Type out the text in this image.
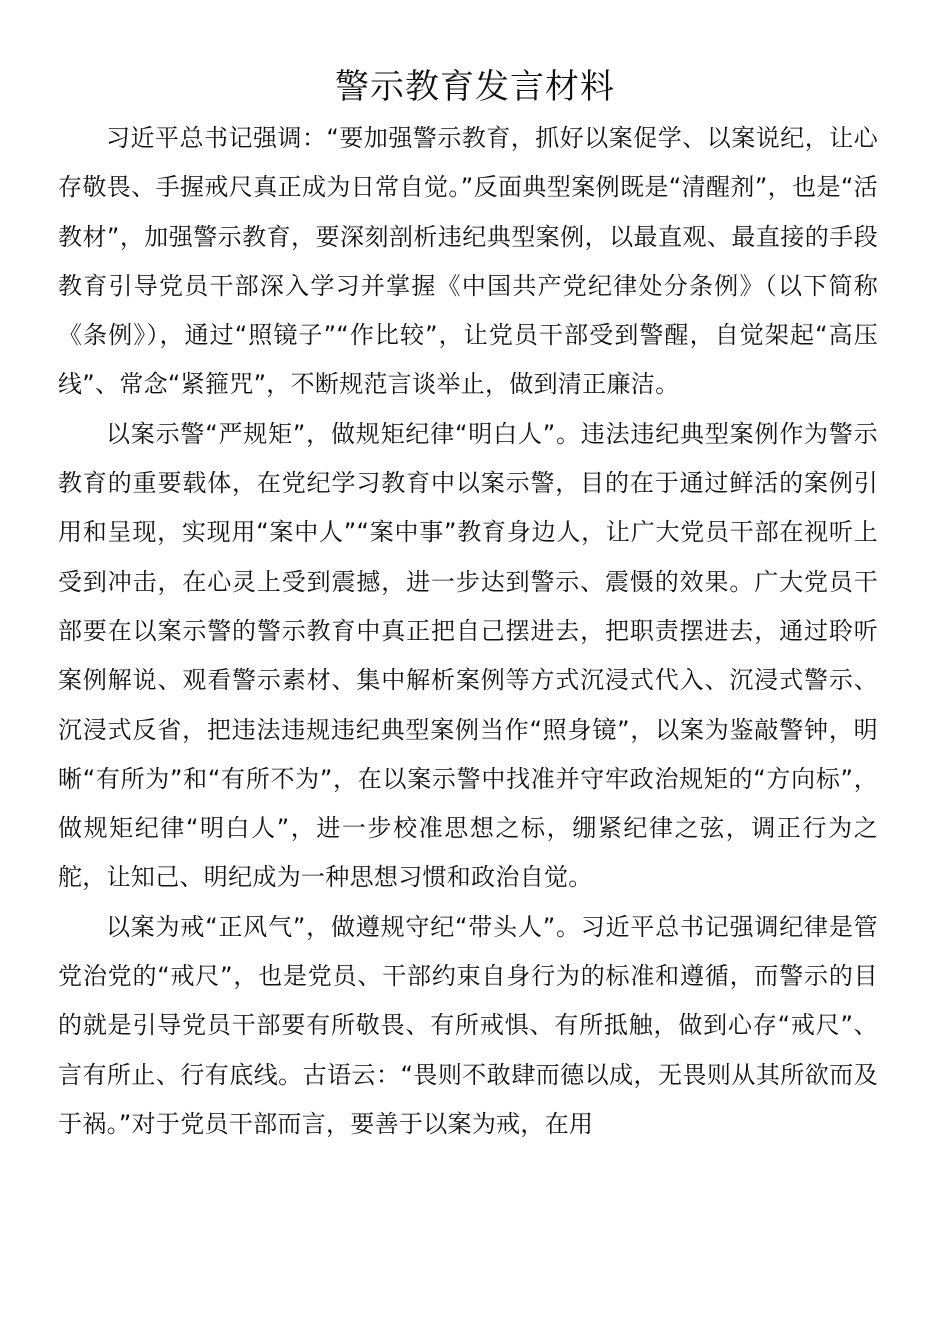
警示教育发言材料

习近平总书记强调：“要加强警示教育，抓好以案促学、以案说纪，让心存敬畏、手握戒尺真正成为日常自觉。”反面典型案例既是“清醒剂”，也是“活教材”，加强警示教育，要深刻剖析违纪典型案例，以最直观、最直接的手段教育引导党员干部深入学习并掌握《中国共产党纪律处分条例》（以下简称《条例》），通过“照镜子”“作比较”，让党员干部受到警醒，自觉架起“高压线”、常念“紧箍咒”，不断规范言谈举止，做到清正廉洁。

以案示警“严规矩”，做规矩纪律“明白人”。违法违纪典型案例作为警示教育的重要载体，在党纪学习教育中以案示警，目的在于通过鲜活的案例引用和呈现，实现用“案中人”“案中事”教育身边人，让广大党员干部在视听上受到冲击，在心灵上受到震撼，进一步达到警示、震慑的效果。广大党员干部要在以案示警的警示教育中真正把自己摆进去，把职责摆进去，通过聆听案例解说、观看警示素材、集中解析案例等方式沉浸式代入、沉浸式警示、沉浸式反省，把违法违规违纪典型案例当作“照身镜”，以案为鉴敲警钟，明晰“有所为”和“有所不为”，在以案示警中找准并守牢政治规矩的“方向标”，做规矩纪律“明白人”，进一步校准思想之标，绷紧纪律之弦，调正行为之舵，让知己、明纪成为一种思想习惯和政治自觉。

以案为戒“正风气”，做遵规守纪“带头人”。习近平总书记强调纪律是管党治党的“戒尺”，也是党员、干部约束自身行为的标准和遵循，而警示的目的就是引导党员干部要有所敬畏、有所戒惧、有所抵触，做到心存“戒尺”、言有所止、行有底线。古语云：“畏则不敢肆而德以成，无畏则从其所欲而及于祸。”对于党员干部而言，要善于以案为戒，在用
